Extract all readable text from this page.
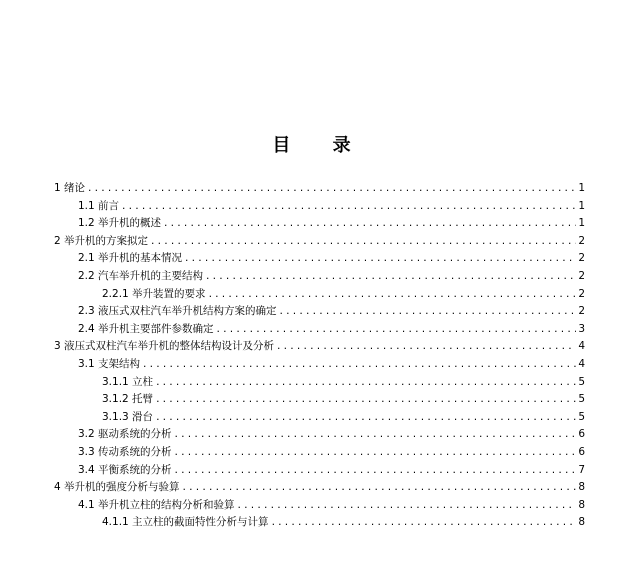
目 录
1 绪论 .....	1
1.1 前言 .....	1
1.2 举升机的概述 .....	1
2 举升机的方案拟定 .....	2
2.1 举升机的基本情况 .....	2
2.2 汽车举升机的主要结构 .....	2
2.2.1 举升装置的要求 .....	2
2.3 液压式双柱汽车举升机结构方案的确定 .....	2
2.4 举升机主要部件参数确定 .....	3
3 液压式双柱汽车举升机的整体结构设计及分析 .....	4
3.1 支架结构 .....	4
3.1.1 立柱 .....	5
3.1.2 托臂 .....	5
3.1.3 滑台 .....	5
3.2 驱动系统的分析 .....	6
3.3 传动系统的分析 .....	6
3.4 平衡系统的分析 .....	7
4 举升机的强度分析与验算 .....	8
4.1 举升机立柱的结构分析和验算 .....	8
4.1.1 主立柱的截面特性分析与计算 .....	8
